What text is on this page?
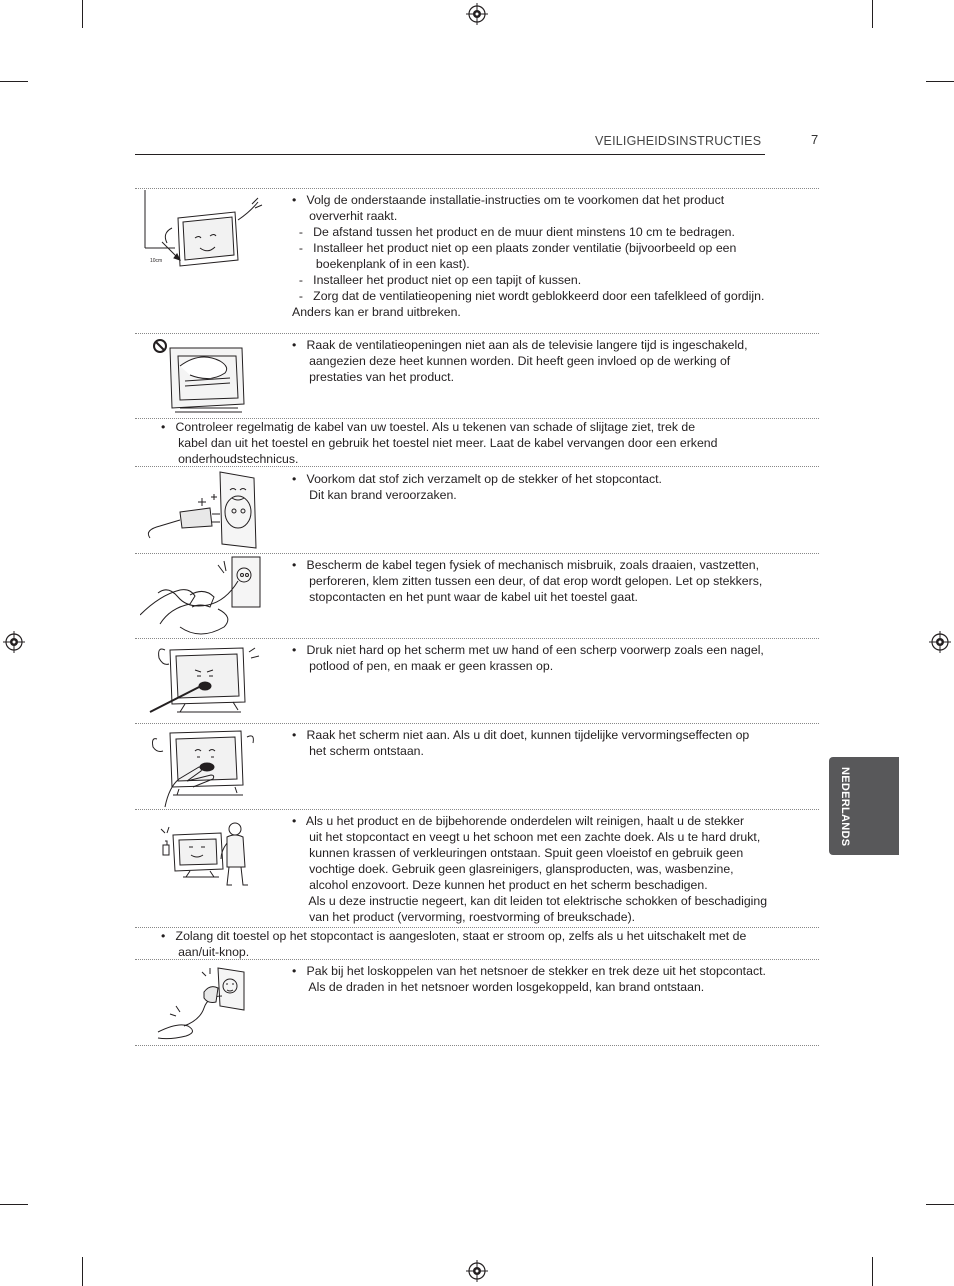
VEILIGHEIDSINSTRUCTIES	7
NEDERLANDS
10cm
•   Volg de onderstaande installatie-instructies om te voorkomen dat het product
oververhit raakt.
-   De afstand tussen het product en de muur dient minstens 10 cm te bedragen.
-   Installeer het product niet op een plaats zonder ventilatie (bijvoorbeeld op een
boekenplank of in een kast).
-   Installeer het product niet op een tapijt of kussen.
-   Zorg dat de ventilatieopening niet wordt geblokkeerd door een tafelkleed of gordijn.
Anders kan er brand uitbreken.
•   Raak de ventilatieopeningen niet aan als de televisie langere tijd is ingeschakeld,
aangezien deze heet kunnen worden. Dit heeft geen invloed op de werking of
prestaties van het product.
•   Controleer regelmatig de kabel van uw toestel. Als u tekenen van schade of slijtage ziet, trek de
kabel dan uit het toestel en gebruik het toestel niet meer. Laat de kabel vervangen door een erkend
onderhoudstechnicus.
•   Voorkom dat stof zich verzamelt op de stekker of het stopcontact.
Dit kan brand veroorzaken.
•   Bescherm de kabel tegen fysiek of mechanisch misbruik, zoals draaien, vastzetten,
perforeren, klem zitten tussen een deur, of dat erop wordt gelopen. Let op stekkers,
stopcontacten en het punt waar de kabel uit het toestel gaat.
•   Druk niet hard op het scherm met uw hand of een scherp voorwerp zoals een nagel,
potlood of pen, en maak er geen krassen op.
•   Raak het scherm niet aan. Als u dit doet, kunnen tijdelijke vervormingseffecten op
het scherm ontstaan.
•   Als u het product en de bijbehorende onderdelen wilt reinigen, haalt u de stekker
uit het stopcontact en veegt u het schoon met een zachte doek. Als u te hard drukt,
kunnen krassen of verkleuringen ontstaan. Spuit geen vloeistof en gebruik geen
vochtige doek. Gebruik geen glasreinigers, glansproducten, was, wasbenzine,
alcohol enzovoort. Deze kunnen het product en het scherm beschadigen.
Als u deze instructie negeert, kan dit leiden tot elektrische schokken of beschadiging
van het product (vervorming, roestvorming of breukschade).
•   Zolang dit toestel op het stopcontact is aangesloten, staat er stroom op, zelfs als u het uitschakelt met de
aan/uit-knop.
•   Pak bij het loskoppelen van het netsnoer de stekker en trek deze uit het stopcontact.
Als de draden in het netsnoer worden losgekoppeld, kan brand ontstaan.
